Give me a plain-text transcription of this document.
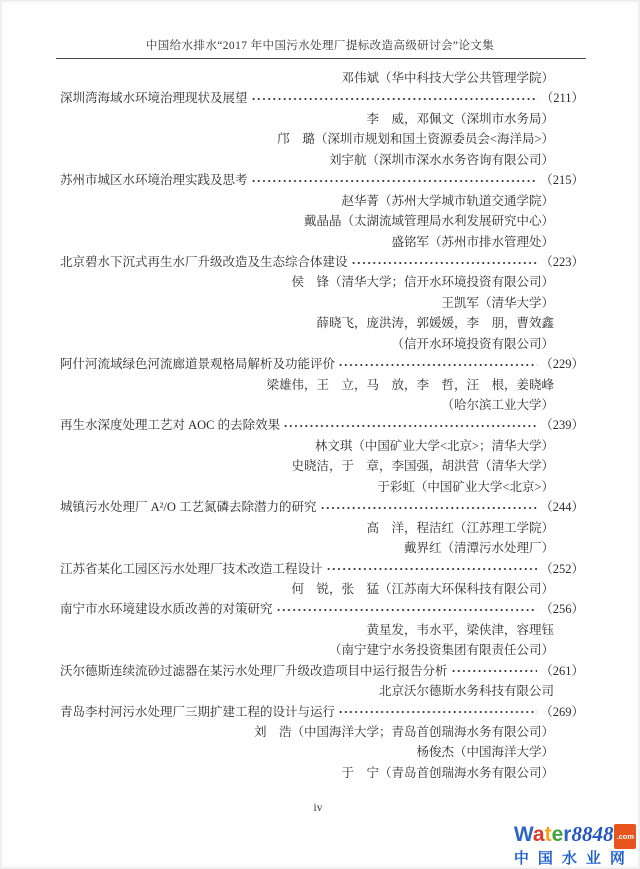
中国给水排水“2017 年中国污水处理厂提标改造高级研讨会”论文集
邓伟斌（华中科技大学公共管理学院）
深圳湾海域水环境治理现状及展望	（211）
李　威，邓佩文（深圳市水务局）
邝　璐（深圳市规划和国土资源委员会<海洋局>）
刘宇航（深圳市深水水务咨询有限公司）
苏州市城区水环境治理实践及思考	（215）
赵华菁（苏州大学城市轨道交通学院）
戴晶晶（太湖流域管理局水利发展研究中心）
盛铭军（苏州市排水管理处）
北京碧水下沉式再生水厂升级改造及生态综合体建设	（223）
侯　锋（清华大学；信开水环境投资有限公司）
王凯军（清华大学）
薛晓飞，庞洪涛，郭媛媛，李　朋，曹效鑫
（信开水环境投资有限公司）
阿什河流域绿色河流廊道景观格局解析及功能评价	（229）
梁雄伟，王　立，马　放，李　哲，汪　根，姜晓峰
（哈尔滨工业大学）
再生水深度处理工艺对 AOC 的去除效果	（239）
林文琪（中国矿业大学<北京>；清华大学）
史晓洁，于　章，李国强，胡洪营（清华大学）
于彩虹（中国矿业大学<北京>）
城镇污水处理厂 A²/O 工艺氮磷去除潜力的研究	（244）
高　洋，程洁红（江苏理工学院）
戴界红（清潭污水处理厂）
江苏省某化工园区污水处理厂技术改造工程设计	（252）
何　锐，张　猛（江苏南大环保科技有限公司）
南宁市水环境建设水质改善的对策研究	（256）
黄星发，韦水平，梁侠津，容理钰
（南宁建宁水务投资集团有限责任公司）
沃尔德斯连续流砂过滤器在某污水处理厂升级改造项目中运行报告分析	（261）
北京沃尔德斯水务科技有限公司
青岛李村河污水处理厂三期扩建工程的设计与运行	（269）
刘　浩（中国海洋大学；青岛首创瑞海水务有限公司）
杨俊杰（中国海洋大学）
于　宁（青岛首创瑞海水务有限公司）
iv
Water8848 .com
中国水业网
